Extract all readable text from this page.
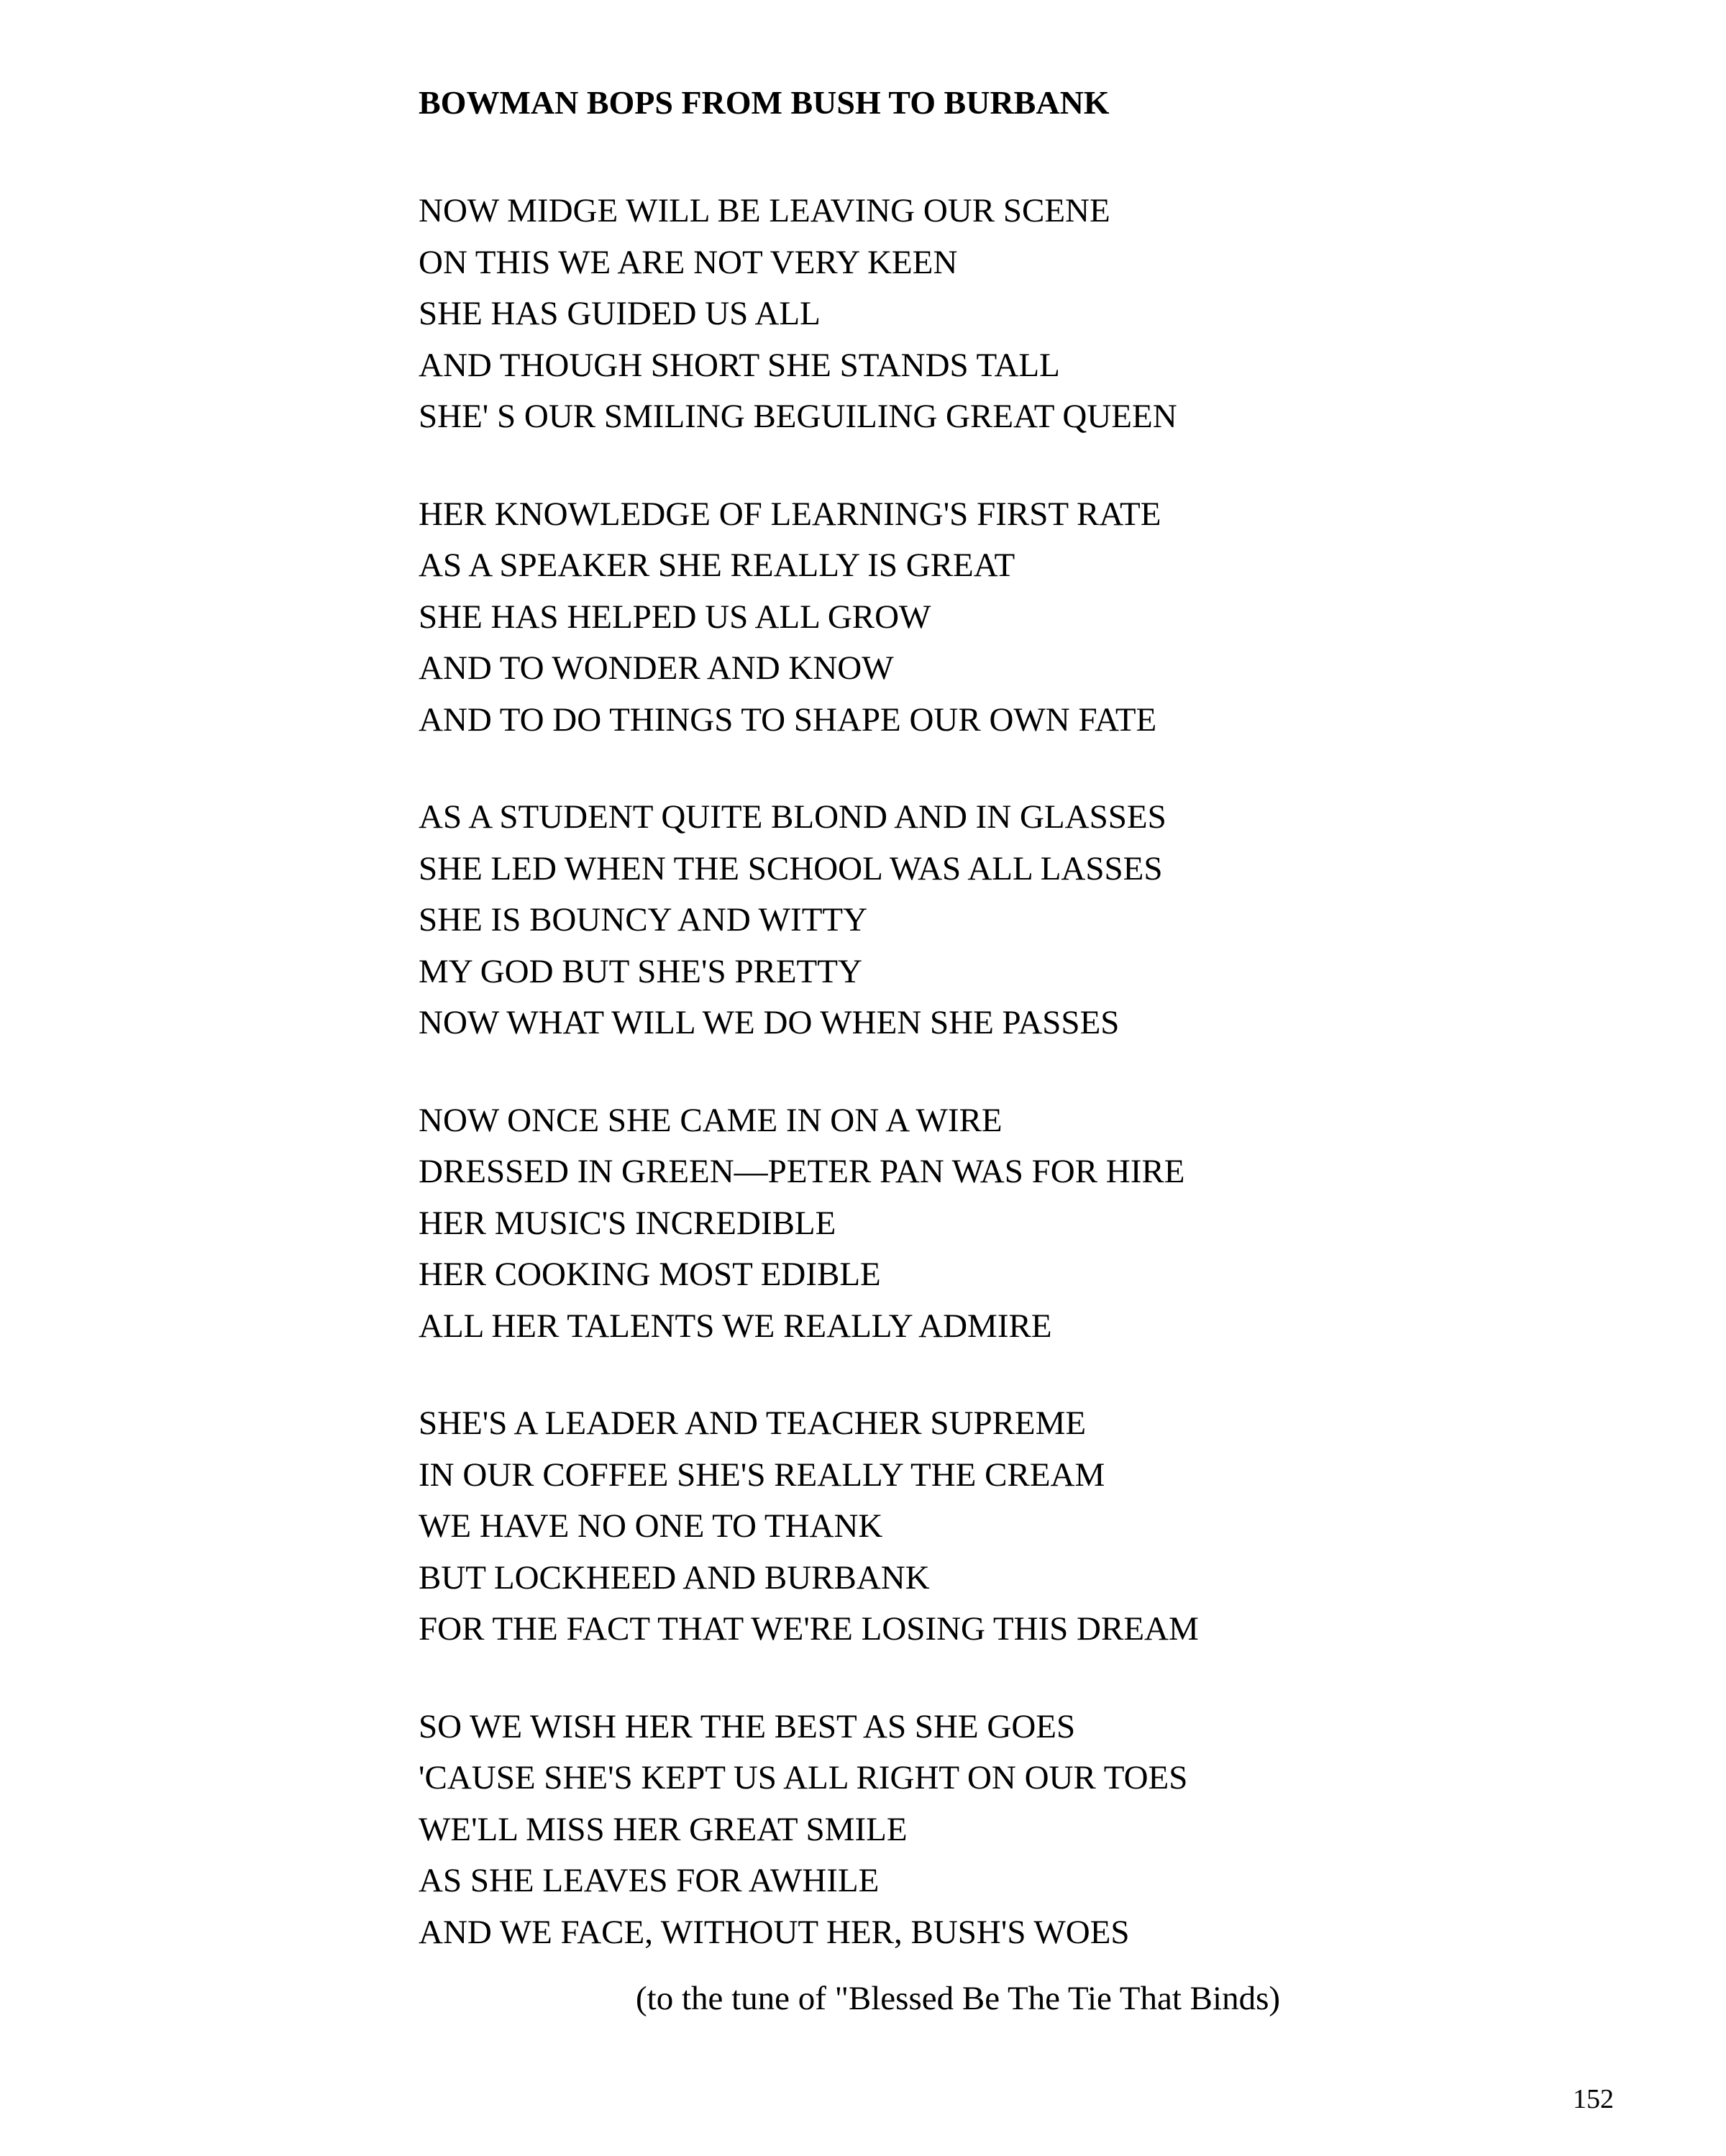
BOWMAN BOPS FROM BUSH TO BURBANK
NOW MIDGE WILL BE LEAVING OUR SCENE
ON THIS WE ARE NOT VERY KEEN
SHE HAS GUIDED US ALL
AND THOUGH SHORT SHE STANDS TALL
SHE' S OUR SMILING BEGUILING GREAT QUEEN
HER KNOWLEDGE OF LEARNING'S FIRST RATE
AS A SPEAKER SHE REALLY IS GREAT
SHE HAS HELPED US ALL GROW
AND TO WONDER AND KNOW
AND TO DO THINGS TO SHAPE OUR OWN FATE
AS A STUDENT QUITE BLOND AND IN GLASSES
SHE LED WHEN THE SCHOOL WAS ALL LASSES
SHE IS BOUNCY AND WITTY
MY GOD BUT SHE'S PRETTY
NOW WHAT WILL WE DO WHEN SHE PASSES
NOW ONCE SHE CAME IN ON A WIRE
DRESSED IN GREEN—PETER PAN WAS FOR HIRE
HER MUSIC'S INCREDIBLE
HER COOKING MOST EDIBLE
ALL HER TALENTS WE REALLY ADMIRE
SHE'S A LEADER AND TEACHER SUPREME
IN OUR COFFEE SHE'S REALLY THE CREAM
WE HAVE NO ONE TO THANK
BUT LOCKHEED AND BURBANK
FOR THE FACT THAT WE'RE LOSING THIS DREAM
SO WE WISH HER THE BEST AS SHE GOES
'CAUSE SHE'S KEPT US ALL RIGHT ON OUR TOES
WE'LL MISS HER GREAT SMILE
AS SHE LEAVES FOR AWHILE
AND WE FACE, WITHOUT HER, BUSH'S WOES
(to the tune of "Blessed Be The Tie That Binds)
152
